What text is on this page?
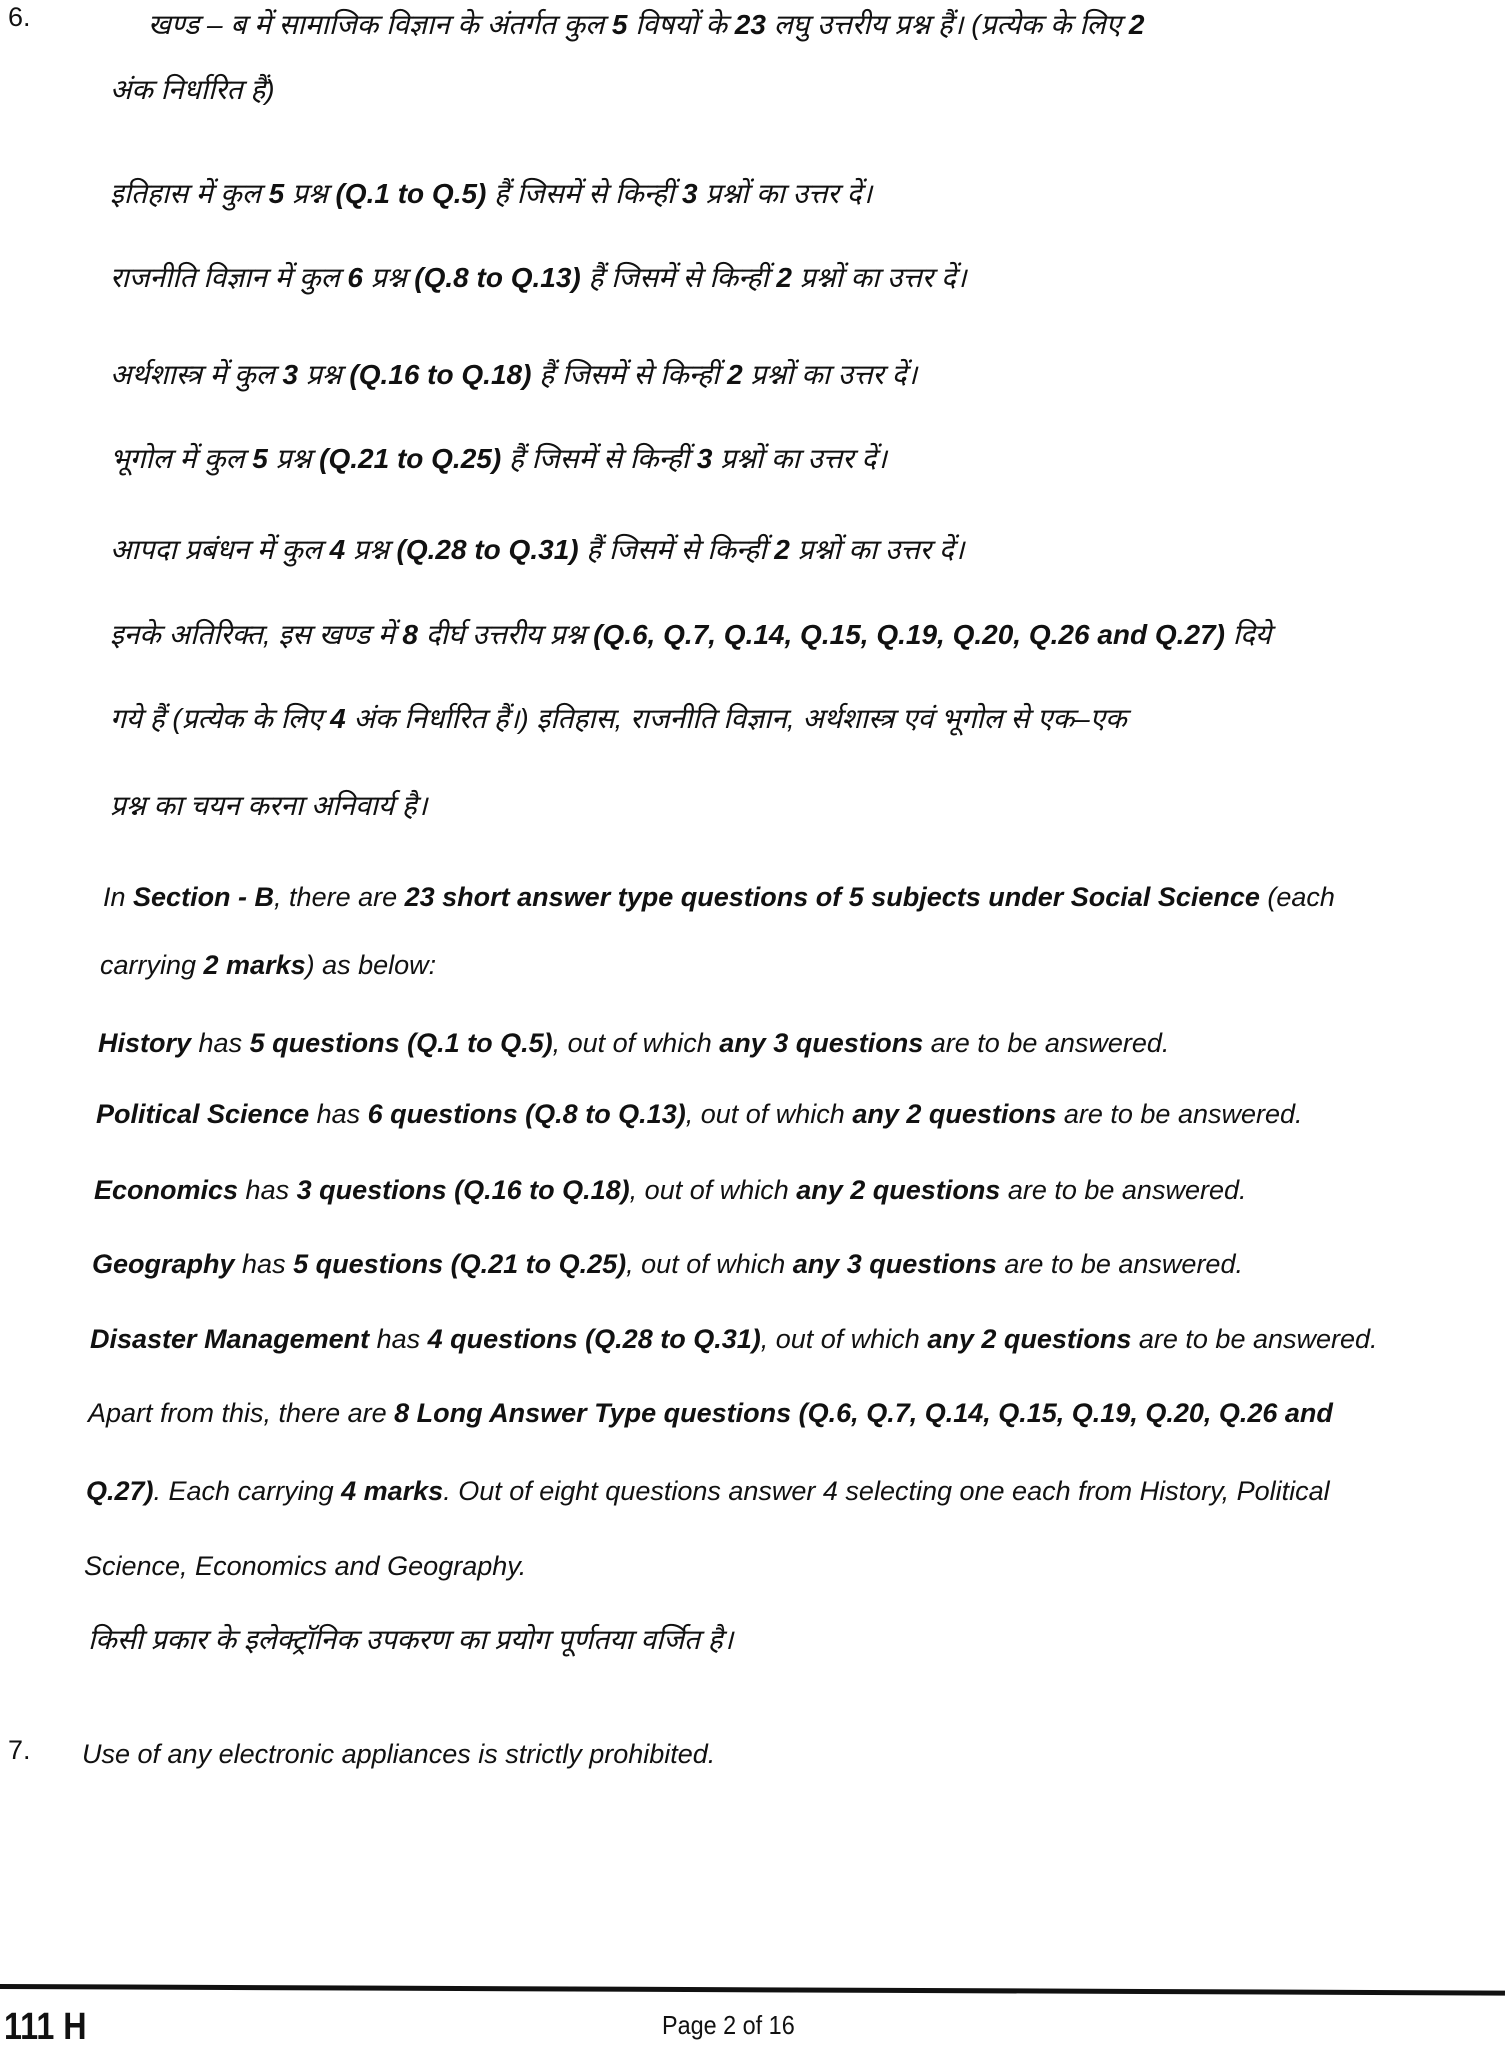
6.
7.
खण्ड – ब में सामाजिक विज्ञान के अंतर्गत कुल 5 विषयों के 23 लघु उत्तरीय प्रश्न हैं। (प्रत्येक के लिए 2
अंक निर्धारित हैं)
इतिहास में कुल 5 प्रश्न (Q.1 to Q.5) हैं जिसमें से किन्हीं 3 प्रश्नों का उत्तर दें।
राजनीति विज्ञान में कुल 6 प्रश्न (Q.8 to Q.13) हैं जिसमें से किन्हीं 2 प्रश्नों का उत्तर दें।
अर्थशास्त्र में कुल 3 प्रश्न (Q.16 to Q.18) हैं जिसमें से किन्हीं 2 प्रश्नों का उत्तर दें।
भूगोल में कुल 5 प्रश्न (Q.21 to Q.25) हैं जिसमें से किन्हीं 3 प्रश्नों का उत्तर दें।
आपदा प्रबंधन में कुल 4 प्रश्न (Q.28 to Q.31) हैं जिसमें से किन्हीं 2 प्रश्नों का उत्तर दें।
इनके अतिरिक्त, इस खण्ड में 8 दीर्घ उत्तरीय प्रश्न (Q.6, Q.7, Q.14, Q.15, Q.19, Q.20, Q.26 and Q.27) दिये
गये हैं (प्रत्येक के लिए 4 अंक निर्धारित हैं।) इतिहास, राजनीति विज्ञान, अर्थशास्त्र एवं भूगोल से एक–एक
प्रश्न का चयन करना अनिवार्य है।
In Section - B, there are 23 short answer type questions of 5 subjects under Social Science (each
carrying 2 marks) as below:
History has 5 questions (Q.1 to Q.5), out of which any 3 questions are to be answered.
Political Science has 6 questions (Q.8 to Q.13), out of which any 2 questions are to be answered.
Economics has 3 questions (Q.16 to Q.18), out of which any 2 questions are to be answered.
Geography has 5 questions (Q.21 to Q.25), out of which any 3 questions are to be answered.
Disaster Management has 4 questions (Q.28 to Q.31), out of which any 2 questions are to be answered.
Apart from this, there are 8 Long Answer Type questions (Q.6, Q.7, Q.14, Q.15, Q.19, Q.20, Q.26 and
Q.27). Each carrying 4 marks. Out of eight questions answer 4 selecting one each from History, Political
Science, Economics and Geography.
किसी प्रकार के इलेक्ट्रॉनिक उपकरण का प्रयोग पूर्णतया वर्जित है।
Use of any electronic appliances is strictly prohibited.
111 H	Page 2 of 16
